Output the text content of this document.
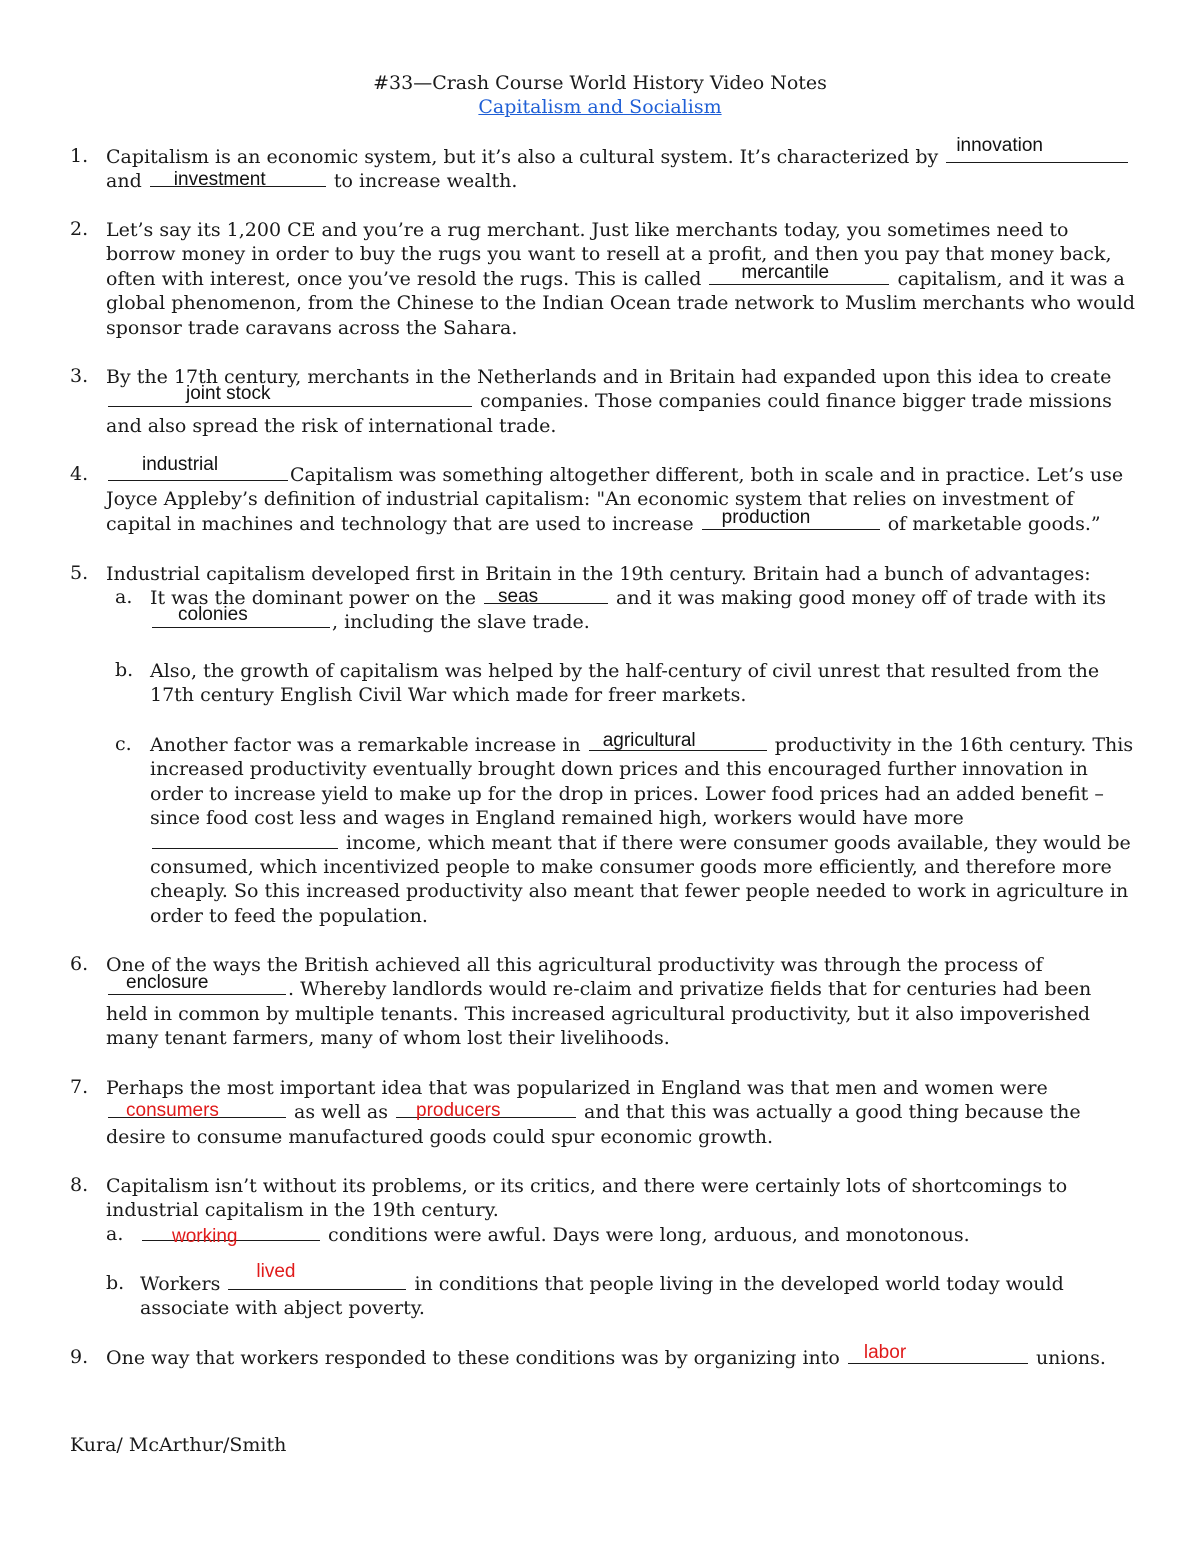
#33—Crash Course World History Video Notes
Capitalism and Socialism
1. Capitalism is an economic system, but it’s also a cultural system. It’s characterized by
innovation

and investment	to increase wealth.
2. Let’s say its 1,200 CE and you’re a rug merchant. Just like merchants today, you sometimes need to borrow money in order to buy the rugs you want to resell at a profit, and then you pay that money back, often with interest, once you’ve resold the rugs. This is called mercantile	capitalism, and it was a global phenomenon, from the Chinese to the Indian Ocean trade network to Muslim merchants who would sponsor trade caravans across the Sahara.
3. By the 17th century, merchants in the Netherlands and in Britain had expanded upon this idea to create

joint stock	companies. Those companies could finance bigger trade missions and also spread the risk of international trade.
4.	industrial	Capitalism was something altogether different, both in scale and in practice. Let’s use Joyce Appleby’s definition of industrial capitalism: "An economic system that relies on investment of capital in machines and technology that are used to increase production	of marketable goods.”
5. Industrial capitalism developed first in Britain in the 19th century. Britain had a bunch of advantages:
a. It was the dominant power on the seas	and it was making good money off of trade with its

colonies	, including the slave trade.
b. Also, the growth of capitalism was helped by the half-century of civil unrest that resulted from the 17th century English Civil War which made for freer markets.
c. Another factor was a remarkable increase in agricultural	productivity in the 16th century. This increased productivity eventually brought down prices and this encouraged further innovation in order to increase yield to make up for the drop in prices. Lower food prices had an added benefit – since food cost less and wages in England remained high, workers would have more  income, which meant that if there were consumer goods available, they would be consumed, which incentivized people to make consumer goods more efficiently, and therefore more cheaply. So this increased productivity also meant that fewer people needed to work in agriculture in order to feed the population.
6. One of the ways the British achieved all this agricultural productivity was through the process of

enclosure	. Whereby landlords would re-claim and privatize fields that for centuries had been held in common by multiple tenants. This increased agricultural productivity, but it also impoverished many tenant farmers, many of whom lost their livelihoods.
7. Perhaps the most important idea that was popularized in England was that men and women were

consumers	as well as producers	and that this was actually a good thing because the desire to consume manufactured goods could spur economic growth.
8. Capitalism isn’t without its problems, or its critics, and there were certainly lots of shortcomings to industrial capitalism in the 19th century.
a.	working	conditions were awful. Days were long, arduous, and monotonous.
b. Workers
lived
in conditions that people living in the developed world today would associate with abject poverty.
9. One way that workers responded to these conditions was by organizing into labor	unions.
Kura/ McArthur/Smith
